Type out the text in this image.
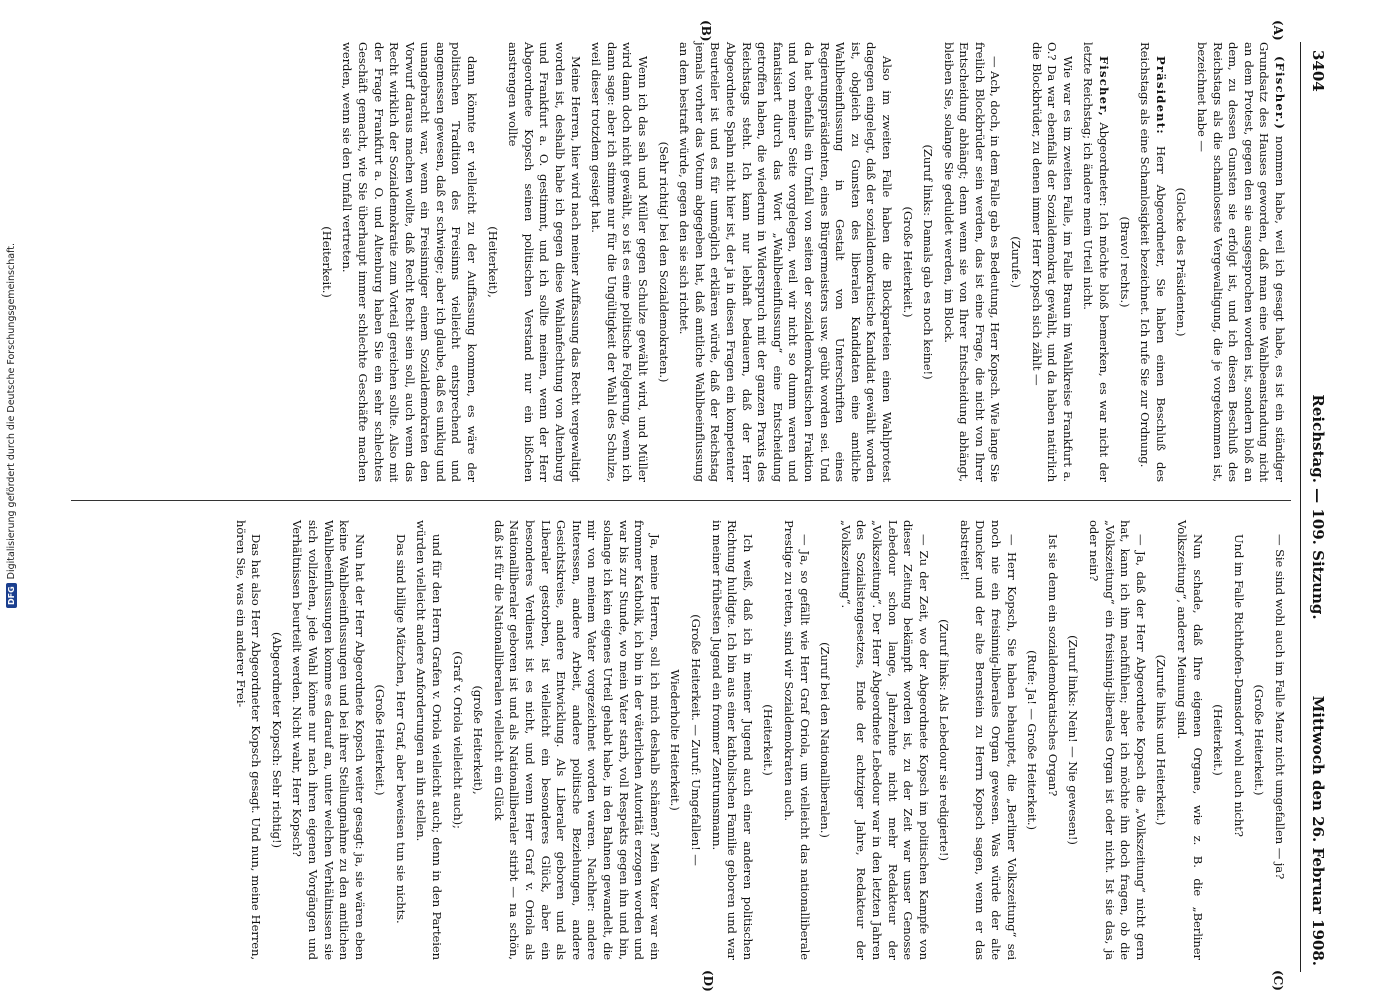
3404
Reichstag. — 109. Sitzung.
Mittwoch den 26. Februar 1908.
(A)
(B)
(C)
(D)
(Fischer.) nommen habe, weil ich gesagt habe, es ist ein ständiger Grundsatz des Hauses geworden, daß man eine Wahlbeanstandung nicht an dem Protest, gegen den sie ausgesprochen worden ist, sondern bloß an dem, zu dessen Gunsten sie erfolgt ist, und ich diesen Beschluß des Reichstags als die schamloseste Vergewaltigung, die je vorgekommen ist, bezeichnet habe —
(Glocke des Präsidenten.)
Präsident: Herr Abgeordneter, Sie haben einen Beschluß des Reichstags als eine Schamlosigkeit bezeichnet. Ich rufe Sie zur Ordnung.
(Bravo! rechts.)
Fischer, Abgeordneter: Ich möchte bloß bemerken, es war nicht der letzte Reichstag; ich ändere mein Urteil nicht.
Wie war es im zweiten Falle, im Falle Braun im Wahlkreise Frankfurt a. O.? Da war ebenfalls der Sozialdemokrat gewählt, und da haben natürlich die Blockbrüder, zu denen immer Herr Kopsch sich zählt —
(Zurufe.)
— Ach, doch, in dem Falle gab es Bedeutung, Herr Kopsch. Wie lange Sie freilich Blockbrüder sein werden, das ist eine Frage, die nicht von Ihrer Entscheidung abhängt; denn wenn sie von Ihrer Entscheidung abhängt, bleiben Sie, solange Sie geduldet werden, im Block.
(Zuruf links: Damals gab es noch keine!)
(Große Heiterkeit.)
Also im zweiten Falle haben die Blockparteien einen Wahlprotest dagegen eingelegt, daß der sozialdemokratische Kandidat gewählt worden ist, obgleich zu Gunsten des liberalen Kandidaten eine amtliche Wahlbeeinflussung in Gestalt von Unterschriften eines Regierungspräsidenten, eines Bürgermeisters usw. geübt worden sei. Und da hat ebenfalls ein Umfall von seiten der sozialdemokratischen Fraktion und von meiner Seite vorgelegen, weil wir nicht so dumm waren und fanatisiert durch das Wort „Wahlbeeinflussung“ eine Entscheidung getroffen haben, die wiederum in Widerspruch mit der ganzen Praxis des Reichstags steht. Ich kann nur lebhaft bedauern, daß der Herr Abgeordnete Spahn nicht hier ist, der ja in diesen Fragen ein kompetenter Beurteiler ist und es für unmöglich erklären würde, daß der Reichstag jemals vorher das Votum abgegeben hat, daß amtliche Wahlbeeinflussung an dem bestraft würde, gegen den sie sich richtet.
(Sehr richtig! bei den Sozialdemokraten.)
Wenn ich das sah und Müller gegen Schulze gewählt wird, und Müller wird dann doch nicht gewählt, so ist es eine politische Folgerung, wenn ich dann sage: aber ich stimme nur für die Ungültigkeit der Wahl des Schulze, weil dieser trotzdem gesiegt hat.
Meine Herren, hier wird nach meiner Auffassung das Recht vergewaltigt worden ist, deshalb habe ich gegen diese Wahlanfechtung von Altenburg und Frankfurt a. O. gestimmt, und ich sollte meinen, wenn der Herr Abgeordnete Kopsch seinen politischen Verstand nur ein bißchen anstrengen wollte
(Heiterkeit),
dann könnte er vielleicht zu der Auffassung kommen, es wäre der politischen Tradition des Freisinns vielleicht entsprechend und angemessen gewesen, daß er schwiege; aber ich glaube, daß es unklug und unangebracht war, wenn ein Freisinniger einem Sozialdemokraten den Vorwurf daraus machen wollte, daß Recht Recht sein soll, auch wenn das Recht wirklich der Sozialdemokratie zum Vorteil gereichen sollte. Also mit der Frage Frankfurt a. O. und Altenburg haben Sie ein sehr schlechtes Geschäft gemacht, wie Sie überhaupt immer schlechte Geschäfte machen werden, wenn sie den Umfall vertreten.
(Heiterkeit.)
— Sie sind wohl auch im Falle Manz nicht umgefallen — ja?
(Große Heiterkeit.)
Und im Falle Richthofen-Damsdorf wohl auch nicht?
(Heiterkeit.)
Nun schade, daß Ihre eigenen Organe, wie z. B. die „Berliner Volkszeitung“, anderer Meinung sind.
(Zurufe links und Heiterkeit.)
— Ja, daß der Herr Abgeordnete Kopsch die „Volkszeitung“ nicht gern hat, kann ich ihm nachfühlen; aber ich möchte ihn doch fragen, ob die „Volkszeitung“ ein freisinnig-liberales Organ ist oder nicht. Ist sie das, ja oder nein?
(Zuruf links: Nein! — Nie gewesen!)
Ist sie denn ein sozialdemokratisches Organ?
(Rufe: Ja! — Große Heiterkeit.)
— Herr Kopsch, Sie haben behauptet, die „Berliner Volkszeitung“ sei noch nie ein freisinnig-liberales Organ gewesen. Was würde der alte Duncker und der alte Bernstein zu Herrn Kopsch sagen, wenn er das abstreitet!
(Zuruf links: Als Lebedour sie redigierte!)
— Zu der Zeit, wo der Abgeordnete Kopsch im politischen Kampfe von dieser Zeitung bekämpft worden ist, zu der Zeit war unser Genosse Lebedour schon lange, Jahrzehnte nicht mehr Redakteur der „Volkszeitung“. Der Herr Abgeordnete Lebedour war in den letzten Jahren des Sozialistengesetzes, Ende der achtziger Jahre, Redakteur der „Volkszeitung“.
(Zuruf bei den Nationalliberalen.)
— Ja, so gefällt wie Herr Graf Oriola, um vielleicht das nationalliberale Prestige zu retten, sind wir Sozialdemokraten auch.
(Heiterkeit.)
Ich weiß, daß ich in meiner Jugend auch einer anderen politischen Richtung huldigte. Ich bin aus einer katholischen Familie geboren und war in meiner frühesten Jugend ein frommer Zentrumsmann.
(Große Heiterkeit. — Zuruf: Umgefallen! —
Wiederholte Heiterkeit.)
Ja, meine Herren, soll ich mich deshalb schämen? Mein Vater war ein frommer Katholik, ich bin in der väterlichen Autorität erzogen worden und war bis zur Stunde, wo mein Vater starb, voll Respekts gegen ihn und bin, solange ich kein eigenes Urteil gehabt habe, in den Bahnen gewandelt, die mir von meinem Vater vorgezeichnet worden waren. Nachher: andere Interessen, andere Arbeit, andere politische Beziehungen, andere Gesichtskreise, andere Entwicklung. Als Liberaler geboren und als Liberaler gestorben, ist vielleicht ein besonderes Glück, aber ein besonderes Verdienst ist es nicht, und wenn Herr Graf v. Oriola als Nationalliberaler geboren ist und als Nationalliberaler stirbt — na schön, daß ist für die Nationalliberalen vielleicht ein Glück
(große Heiterkeit),
(Graf v. Oriola vielleicht auch);
und für den Herrn Grafen v. Oriola vielleicht auch; denn in den Parteien würden vielleicht andere Anforderungen an ihn stellen.
Das sind billige Mätzchen, Herr Graf, aber beweisen tun sie nichts.
(Große Heiterkeit.)
Nun hat der Herr Abgeordnete Kopsch weiter gesagt: ja, sie wären eben keine Wahlbeeinflussungen und bei ihrer Stellungnahme zu den amtlichen Wahlbeeinflussungen komme es darauf an, unter welchen Verhältnissen sie sich vollziehen, jede Wahl könne nur nach ihren eigenen Vorgängen und Verhältnissen beurteilt werden. Nicht wahr, Herr Kopsch?
(Abgeordneter Kopsch: Sehr richtig!)
Das hat also Herr Abgeordneter Kopsch gesagt. Und nun, meine Herren, hören Sie, was ein anderer Frei-
DFGDigitalisierung gefördert durch die Deutsche Forschungsgemeinschaft.
